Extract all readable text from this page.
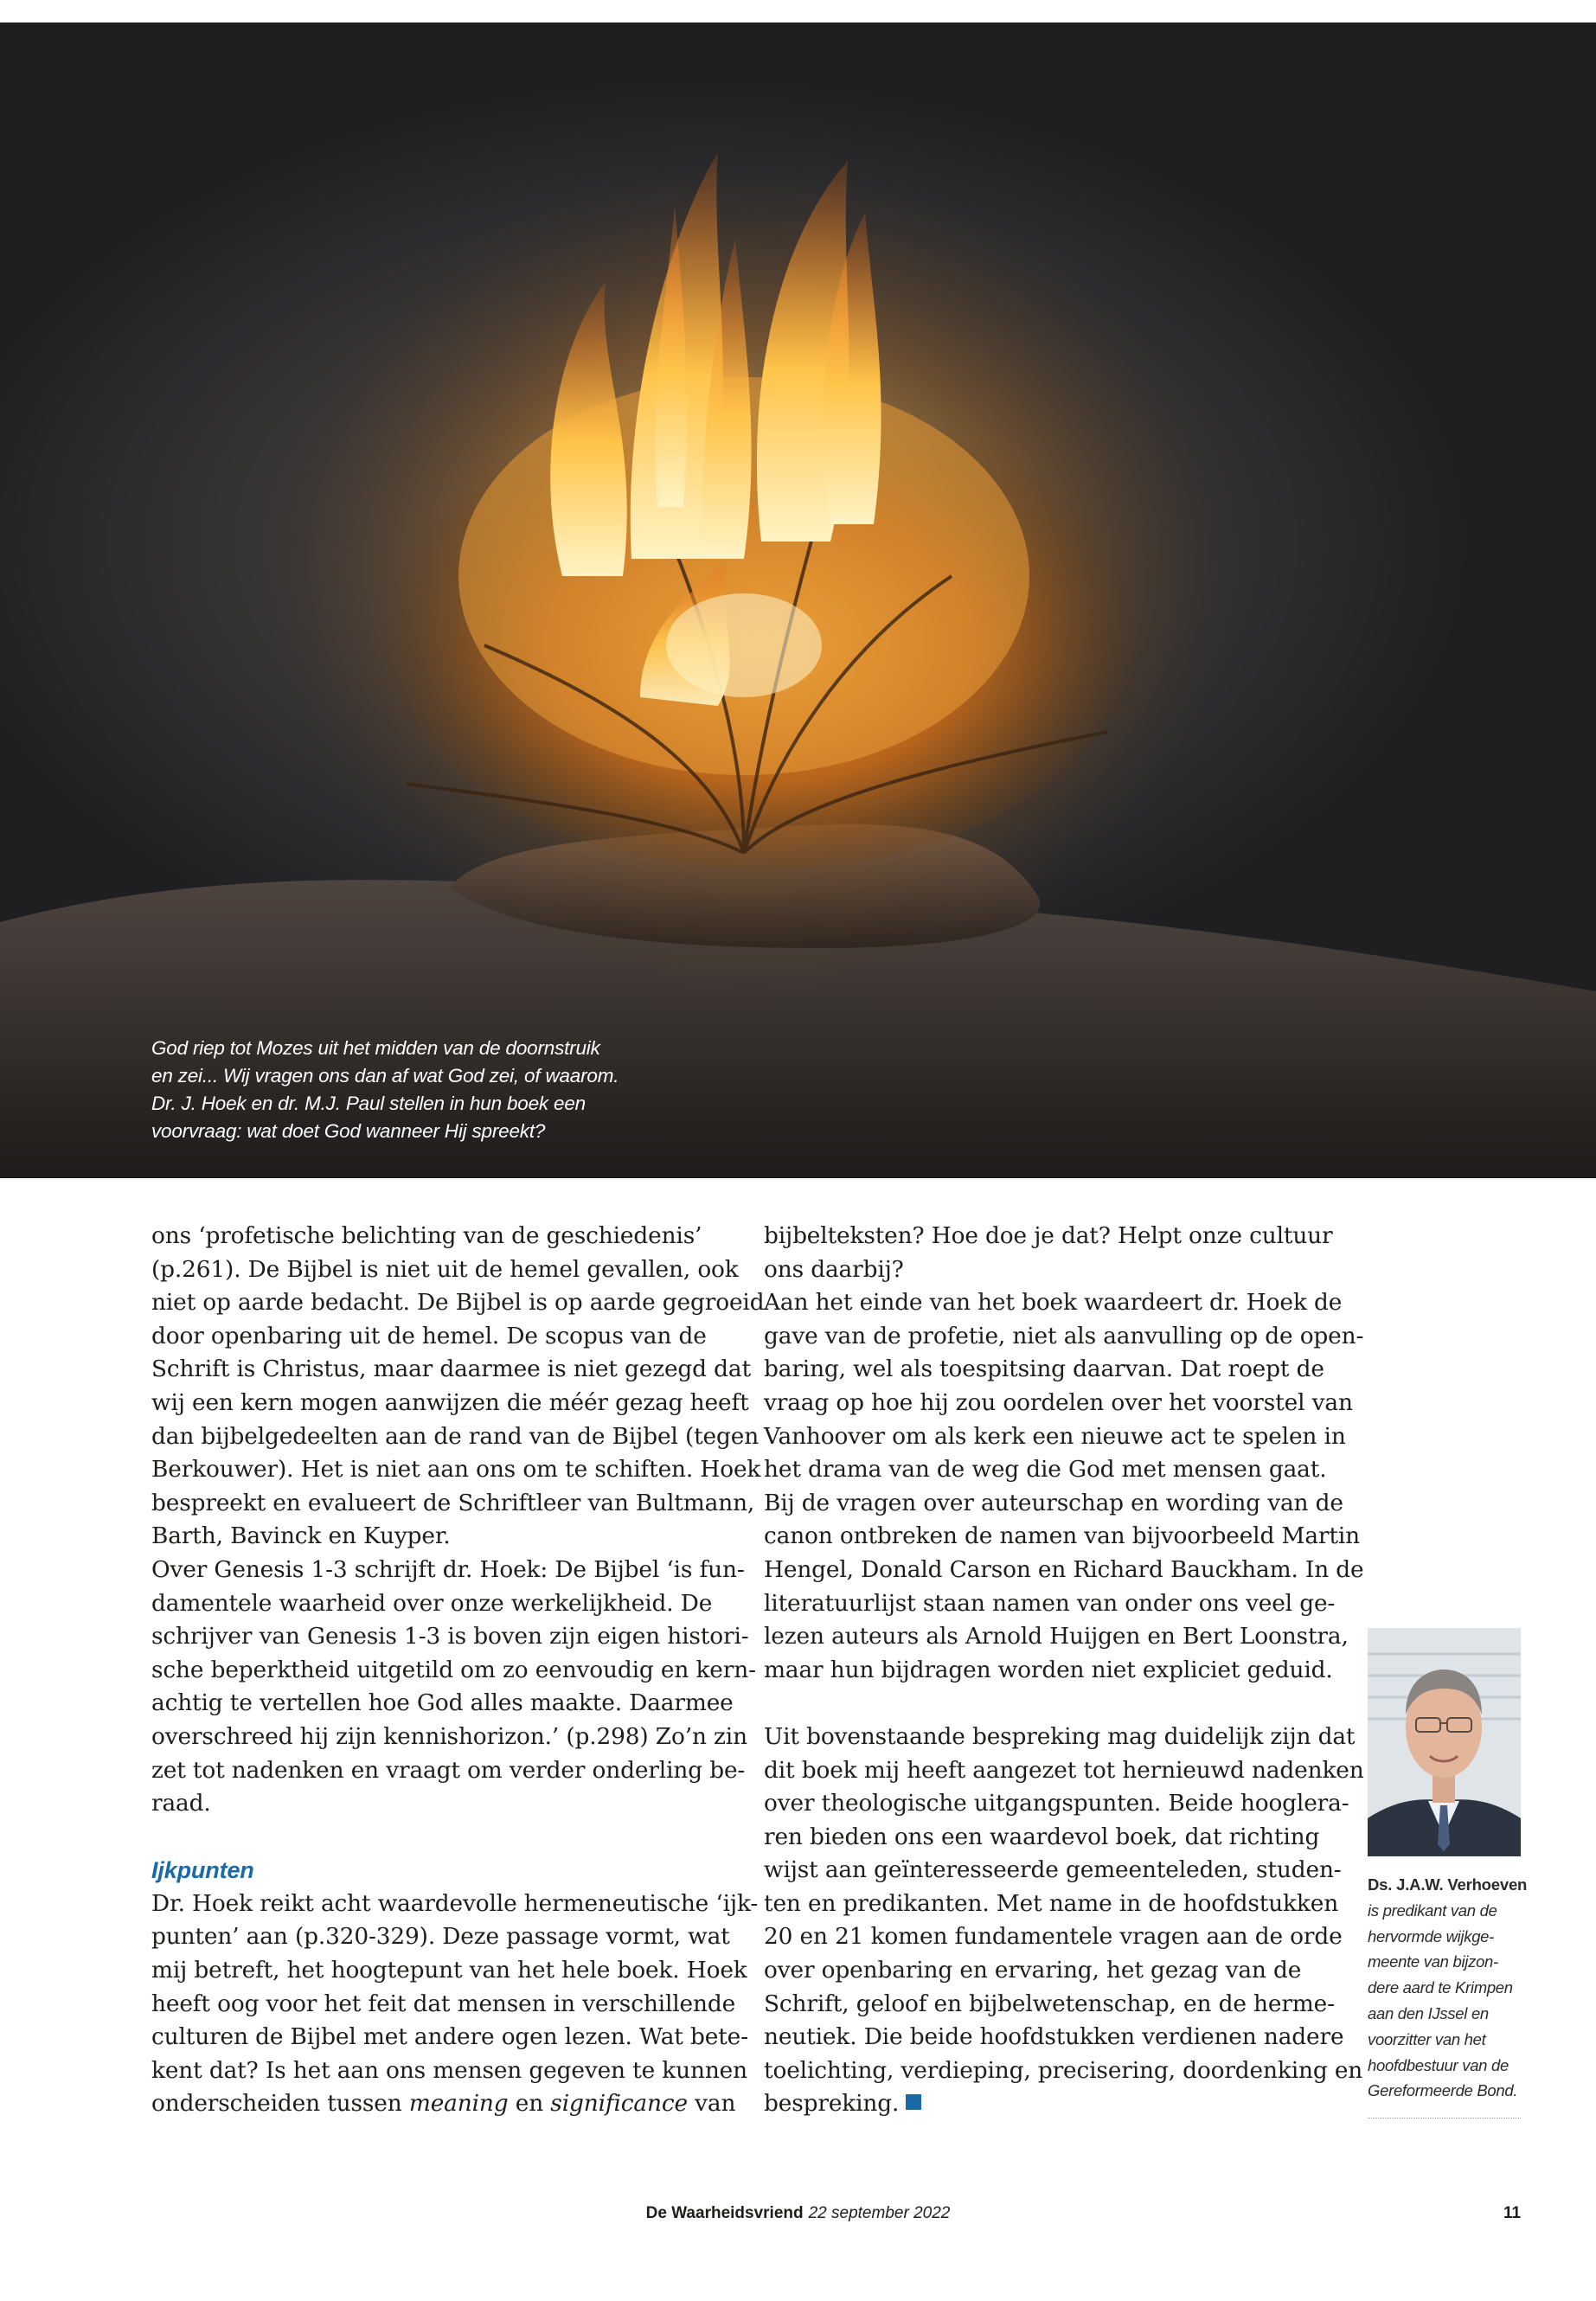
God riep tot Mozes uit het midden van de doornstruik
en zei... Wij vragen ons dan af wat God zei, of waarom.
Dr. J. Hoek en dr. M.J. Paul stellen in hun boek een
voorvraag: wat doet God wanneer Hij spreekt?

ons ‘profetische belichting van de geschiedenis’
(p.261). De Bijbel is niet uit de hemel gevallen, ook
niet op aarde bedacht. De Bijbel is op aarde gegroeid
door openbaring uit de hemel. De scopus van de
Schrift is Christus, maar daarmee is niet gezegd dat
wij een kern mogen aanwijzen die méér gezag heeft
dan bijbelgedeelten aan de rand van de Bijbel (tegen
Berkouwer). Het is niet aan ons om te schiften. Hoek
bespreekt en evalueert de Schriftleer van Bultmann,
Barth, Bavinck en Kuyper.
Over Genesis 1-3 schrijft dr. Hoek: De Bijbel ‘is fun-
damentele waarheid over onze werkelijkheid. De
schrijver van Genesis 1-3 is boven zijn eigen histori-
sche beperktheid uitgetild om zo eenvoudig en kern-
achtig te vertellen hoe God alles maakte. Daarmee
overschreed hij zijn kennishorizon.’ (p.298) Zo’n zin
zet tot nadenken en vraagt om verder onderling be-
raad.
Ijkpunten
Dr. Hoek reikt acht waardevolle hermeneutische ‘ijk-
punten’ aan (p.320-329). Deze passage vormt, wat
mij betreft, het hoogtepunt van het hele boek. Hoek
heeft oog voor het feit dat mensen in verschillende
culturen de Bijbel met andere ogen lezen. Wat bete-
kent dat? Is het aan ons mensen gegeven te kunnen
onderscheiden tussen meaning en significance van
bijbelteksten? Hoe doe je dat? Helpt onze cultuur
ons daarbij?
Aan het einde van het boek waardeert dr. Hoek de
gave van de profetie, niet als aanvulling op de open-
baring, wel als toespitsing daarvan. Dat roept de
vraag op hoe hij zou oordelen over het voorstel van
Vanhoover om als kerk een nieuwe act te spelen in
het drama van de weg die God met mensen gaat.
Bij de vragen over auteurschap en wording van de
canon ontbreken de namen van bijvoorbeeld Martin
Hengel, Donald Carson en Richard Bauckham. In de
literatuurlijst staan namen van onder ons veel ge-
lezen auteurs als Arnold Huijgen en Bert Loonstra,
maar hun bijdragen worden niet expliciet geduid.
Uit bovenstaande bespreking mag duidelijk zijn dat
dit boek mij heeft aangezet tot hernieuwd nadenken
over theologische uitgangspunten. Beide hooglera-
ren bieden ons een waardevol boek, dat richting
wijst aan geïnteresseerde gemeenteleden, studen-
ten en predikanten. Met name in de hoofdstukken
20 en 21 komen fundamentele vragen aan de orde
over openbaring en ervaring, het gezag van de
Schrift, geloof en bijbelwetenschap, en de herme-
neutiek. Die beide hoofdstukken verdienen nadere
toelichting, verdieping, precisering, doordenking en
bespreking.
Ds. J.A.W. Verhoeven
is predikant van de
hervormde wijkge-
meente van bijzon-
dere aard te Krimpen
aan den IJssel en
voorzitter van het
hoofdbestuur van de
Gereformeerde Bond.
De Waarheidsvriend 22 september 2022	11
